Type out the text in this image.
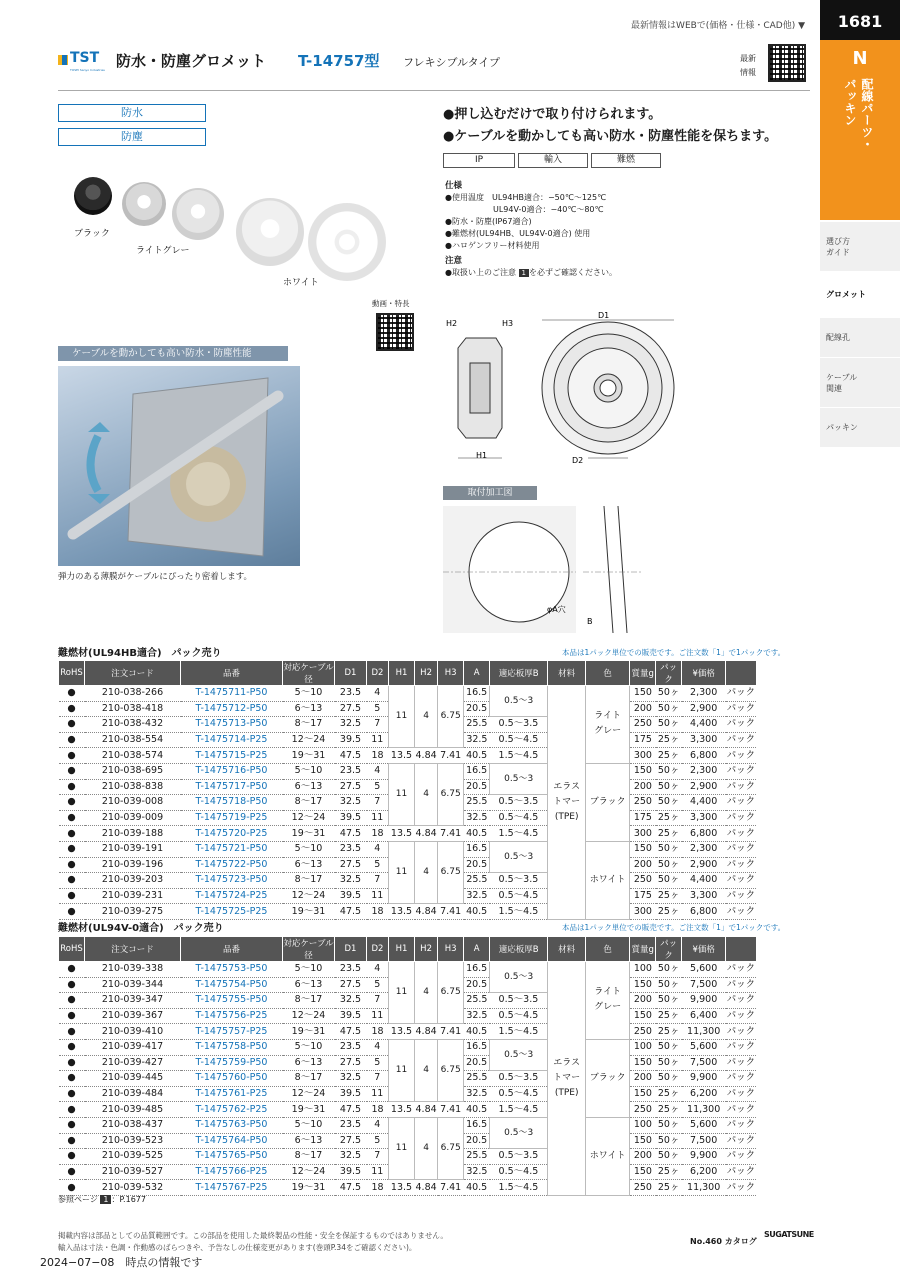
最新情報はWEBで(価格・仕様・CAD他) ▼	1681
N
配線パーツ・
パッキン
選び方
ガイド
グロメット
配線孔
ケーブル
関連
パッキン
TST
TOSEI Sanyo Industries 防水・防塵グロメット T-14757型 フレキシブルタイプ	最新
情報
防水
防塵
●押し込むだけで取り付けられます。
●ケーブルを動かしても高い防水・防塵性能を保ちます。
IP	輸入	難燃
仕様
●使用温度　UL94HB適合：−50℃〜125℃
　　　　　　UL94V-0適合：−40℃〜80℃
●防水・防塵(IP67適合)
●難燃材(UL94HB、UL94V-0適合) 使用
●ハロゲンフリー材料使用
注意
●取扱い上のご注意 1 を必ずご確認ください。
ブラック
ライトグレー
ホワイト
動画・特長
ケーブルを動かしても高い防水・防塵性能
弾力のある薄膜がケーブルにぴったり密着します。
H2	H3
H1
D1
D2
取付加工図
φA穴
B
難燃材(UL94HB適合)　パック売り	本品は1パック単位での販売です。ご注文数「1」で1パックです。
RoHS	注文コード	品番	対応ケーブル径	D1	D2	H1	H2	H3	A	適応板厚B	材料	色	質量g	パック	¥価格	
●	210-038-266	T-1475711-P50	5〜10	23.5	4	11	4	6.75	16.5	0.5〜3	エラス
トマー
(TPE)	ライト
グレー	150	50ヶ	2,300	パック
●	210-038-418	T-1475712-P50	6〜13	27.5	5				20.5				200	50ヶ	2,900	パック
●	210-038-432	T-1475713-P50	8〜17	32.5	7				25.5	0.5〜3.5			250	50ヶ	4,400	パック
●	210-038-554	T-1475714-P25	12〜24	39.5	11				32.5	0.5〜4.5			175	25ヶ	3,300	パック
●	210-038-574	T-1475715-P25	19〜31	47.5	18	13.5	4.84	7.41	40.5	1.5〜4.5			300	25ヶ	6,800	パック
●	210-038-695	T-1475716-P50	5〜10	23.5	4	11	4	6.75	16.5	0.5〜3		ブラック	150	50ヶ	2,300	パック
●	210-038-838	T-1475717-P50	6〜13	27.5	5				20.5				200	50ヶ	2,900	パック
●	210-039-008	T-1475718-P50	8〜17	32.5	7				25.5	0.5〜3.5			250	50ヶ	4,400	パック
●	210-039-009	T-1475719-P25	12〜24	39.5	11				32.5	0.5〜4.5			175	25ヶ	3,300	パック
●	210-039-188	T-1475720-P25	19〜31	47.5	18	13.5	4.84	7.41	40.5	1.5〜4.5			300	25ヶ	6,800	パック
●	210-039-191	T-1475721-P50	5〜10	23.5	4	11	4	6.75	16.5	0.5〜3		ホワイト	150	50ヶ	2,300	パック
●	210-039-196	T-1475722-P50	6〜13	27.5	5				20.5				200	50ヶ	2,900	パック
●	210-039-203	T-1475723-P50	8〜17	32.5	7				25.5	0.5〜3.5			250	50ヶ	4,400	パック
●	210-039-231	T-1475724-P25	12〜24	39.5	11				32.5	0.5〜4.5			175	25ヶ	3,300	パック
●	210-039-275	T-1475725-P25	19〜31	47.5	18	13.5	4.84	7.41	40.5	1.5〜4.5			300	25ヶ	6,800	パック
難燃材(UL94V-0適合)　パック売り	本品は1パック単位での販売です。ご注文数「1」で1パックです。
RoHS	注文コード	品番	対応ケーブル径	D1	D2	H1	H2	H3	A	適応板厚B	材料	色	質量g	パック	¥価格	
●	210-039-338	T-1475753-P50	5〜10	23.5	4	11	4	6.75	16.5	0.5〜3	エラス
トマー
(TPE)	ライト
グレー	100	50ヶ	5,600	パック
●	210-039-344	T-1475754-P50	6〜13	27.5	5				20.5				150	50ヶ	7,500	パック
●	210-039-347	T-1475755-P50	8〜17	32.5	7				25.5	0.5〜3.5			200	50ヶ	9,900	パック
●	210-039-367	T-1475756-P25	12〜24	39.5	11				32.5	0.5〜4.5			150	25ヶ	6,400	パック
●	210-039-410	T-1475757-P25	19〜31	47.5	18	13.5	4.84	7.41	40.5	1.5〜4.5			250	25ヶ	11,300	パック
●	210-039-417	T-1475758-P50	5〜10	23.5	4	11	4	6.75	16.5	0.5〜3		ブラック	100	50ヶ	5,600	パック
●	210-039-427	T-1475759-P50	6〜13	27.5	5				20.5				150	50ヶ	7,500	パック
●	210-039-445	T-1475760-P50	8〜17	32.5	7				25.5	0.5〜3.5			200	50ヶ	9,900	パック
●	210-039-484	T-1475761-P25	12〜24	39.5	11				32.5	0.5〜4.5			150	25ヶ	6,200	パック
●	210-039-485	T-1475762-P25	19〜31	47.5	18	13.5	4.84	7.41	40.5	1.5〜4.5			250	25ヶ	11,300	パック
●	210-038-437	T-1475763-P50	5〜10	23.5	4	11	4	6.75	16.5	0.5〜3		ホワイト	100	50ヶ	5,600	パック
●	210-039-523	T-1475764-P50	6〜13	27.5	5				20.5				150	50ヶ	7,500	パック
●	210-039-525	T-1475765-P50	8〜17	32.5	7				25.5	0.5〜3.5			200	50ヶ	9,900	パック
●	210-039-527	T-1475766-P25	12〜24	39.5	11				32.5	0.5〜4.5			150	25ヶ	6,200	パック
●	210-039-532	T-1475767-P25	19〜31	47.5	18	13.5	4.84	7.41	40.5	1.5〜4.5			250	25ヶ	11,300	パック
参照ページ 1 ：P.1677
掲載内容は部品としての品質範囲です。この部品を使用した最終製品の性能・安全を保証するものではありません。
輸入品は寸法・色調・作動感のばらつきや、予告なしの仕様変更があります(巻頭P.34をご確認ください)。
2024−07−08　時点の情報です
No.460 カタログ
SUGATSUNE
